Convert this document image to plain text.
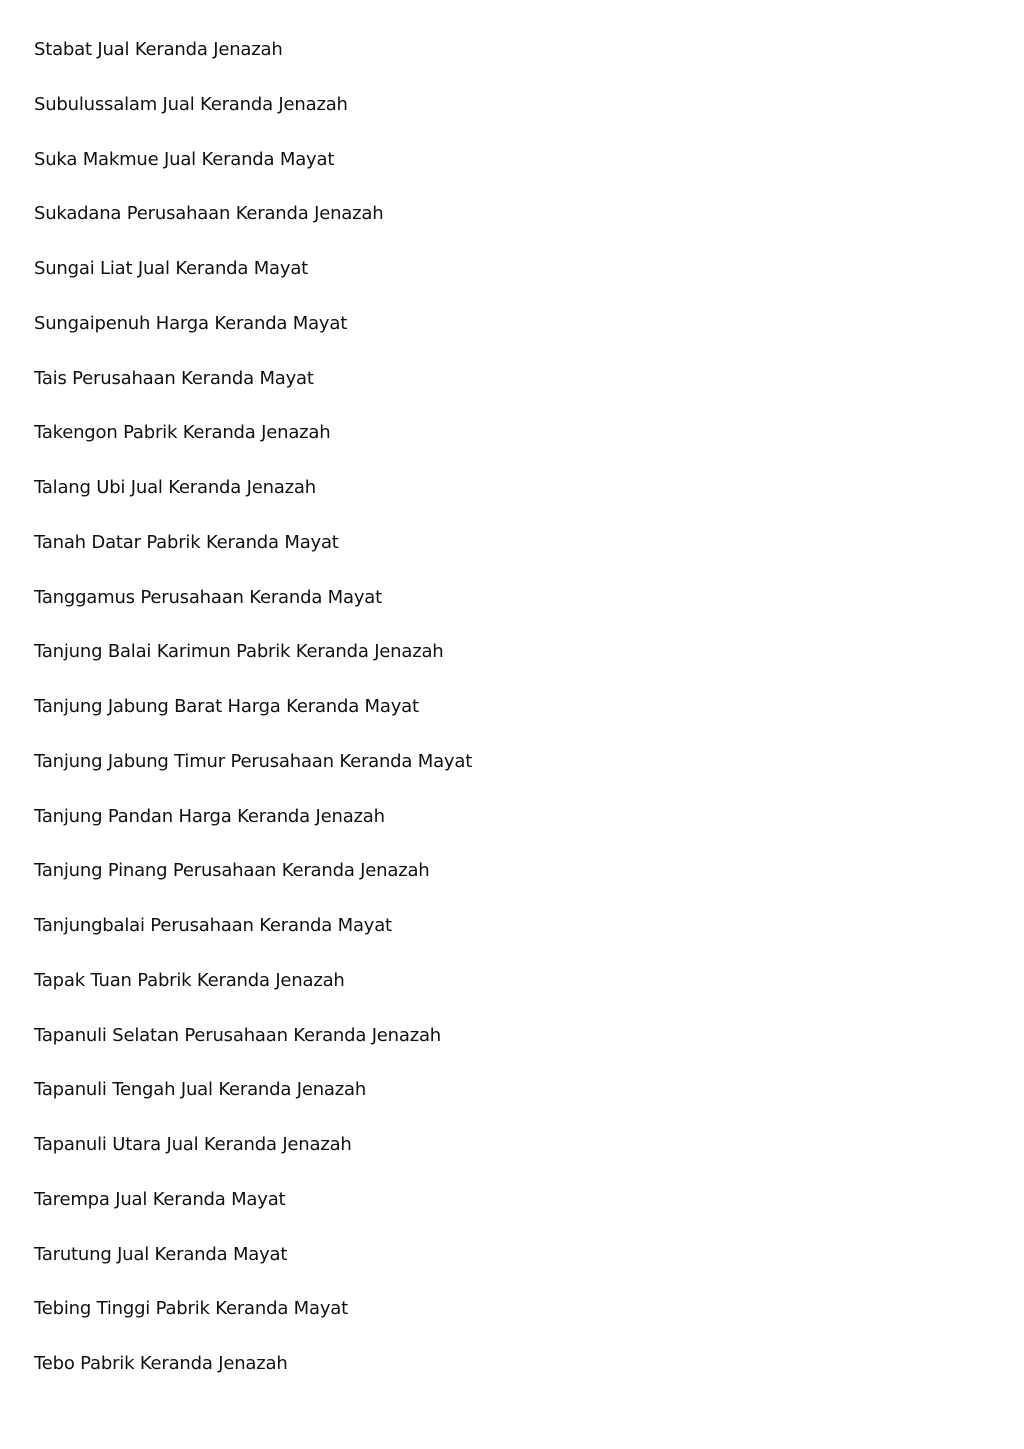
Stabat Jual Keranda Jenazah
Subulussalam Jual Keranda Jenazah
Suka Makmue Jual Keranda Mayat
Sukadana Perusahaan Keranda Jenazah
Sungai Liat Jual Keranda Mayat
Sungaipenuh Harga Keranda Mayat
Tais Perusahaan Keranda Mayat
Takengon Pabrik Keranda Jenazah
Talang Ubi Jual Keranda Jenazah
Tanah Datar Pabrik Keranda Mayat
Tanggamus Perusahaan Keranda Mayat
Tanjung Balai Karimun Pabrik Keranda Jenazah
Tanjung Jabung Barat Harga Keranda Mayat
Tanjung Jabung Timur Perusahaan Keranda Mayat
Tanjung Pandan Harga Keranda Jenazah
Tanjung Pinang Perusahaan Keranda Jenazah
Tanjungbalai Perusahaan Keranda Mayat
Tapak Tuan Pabrik Keranda Jenazah
Tapanuli Selatan Perusahaan Keranda Jenazah
Tapanuli Tengah Jual Keranda Jenazah
Tapanuli Utara Jual Keranda Jenazah
Tarempa Jual Keranda Mayat
Tarutung Jual Keranda Mayat
Tebing Tinggi Pabrik Keranda Mayat
Tebo Pabrik Keranda Jenazah
